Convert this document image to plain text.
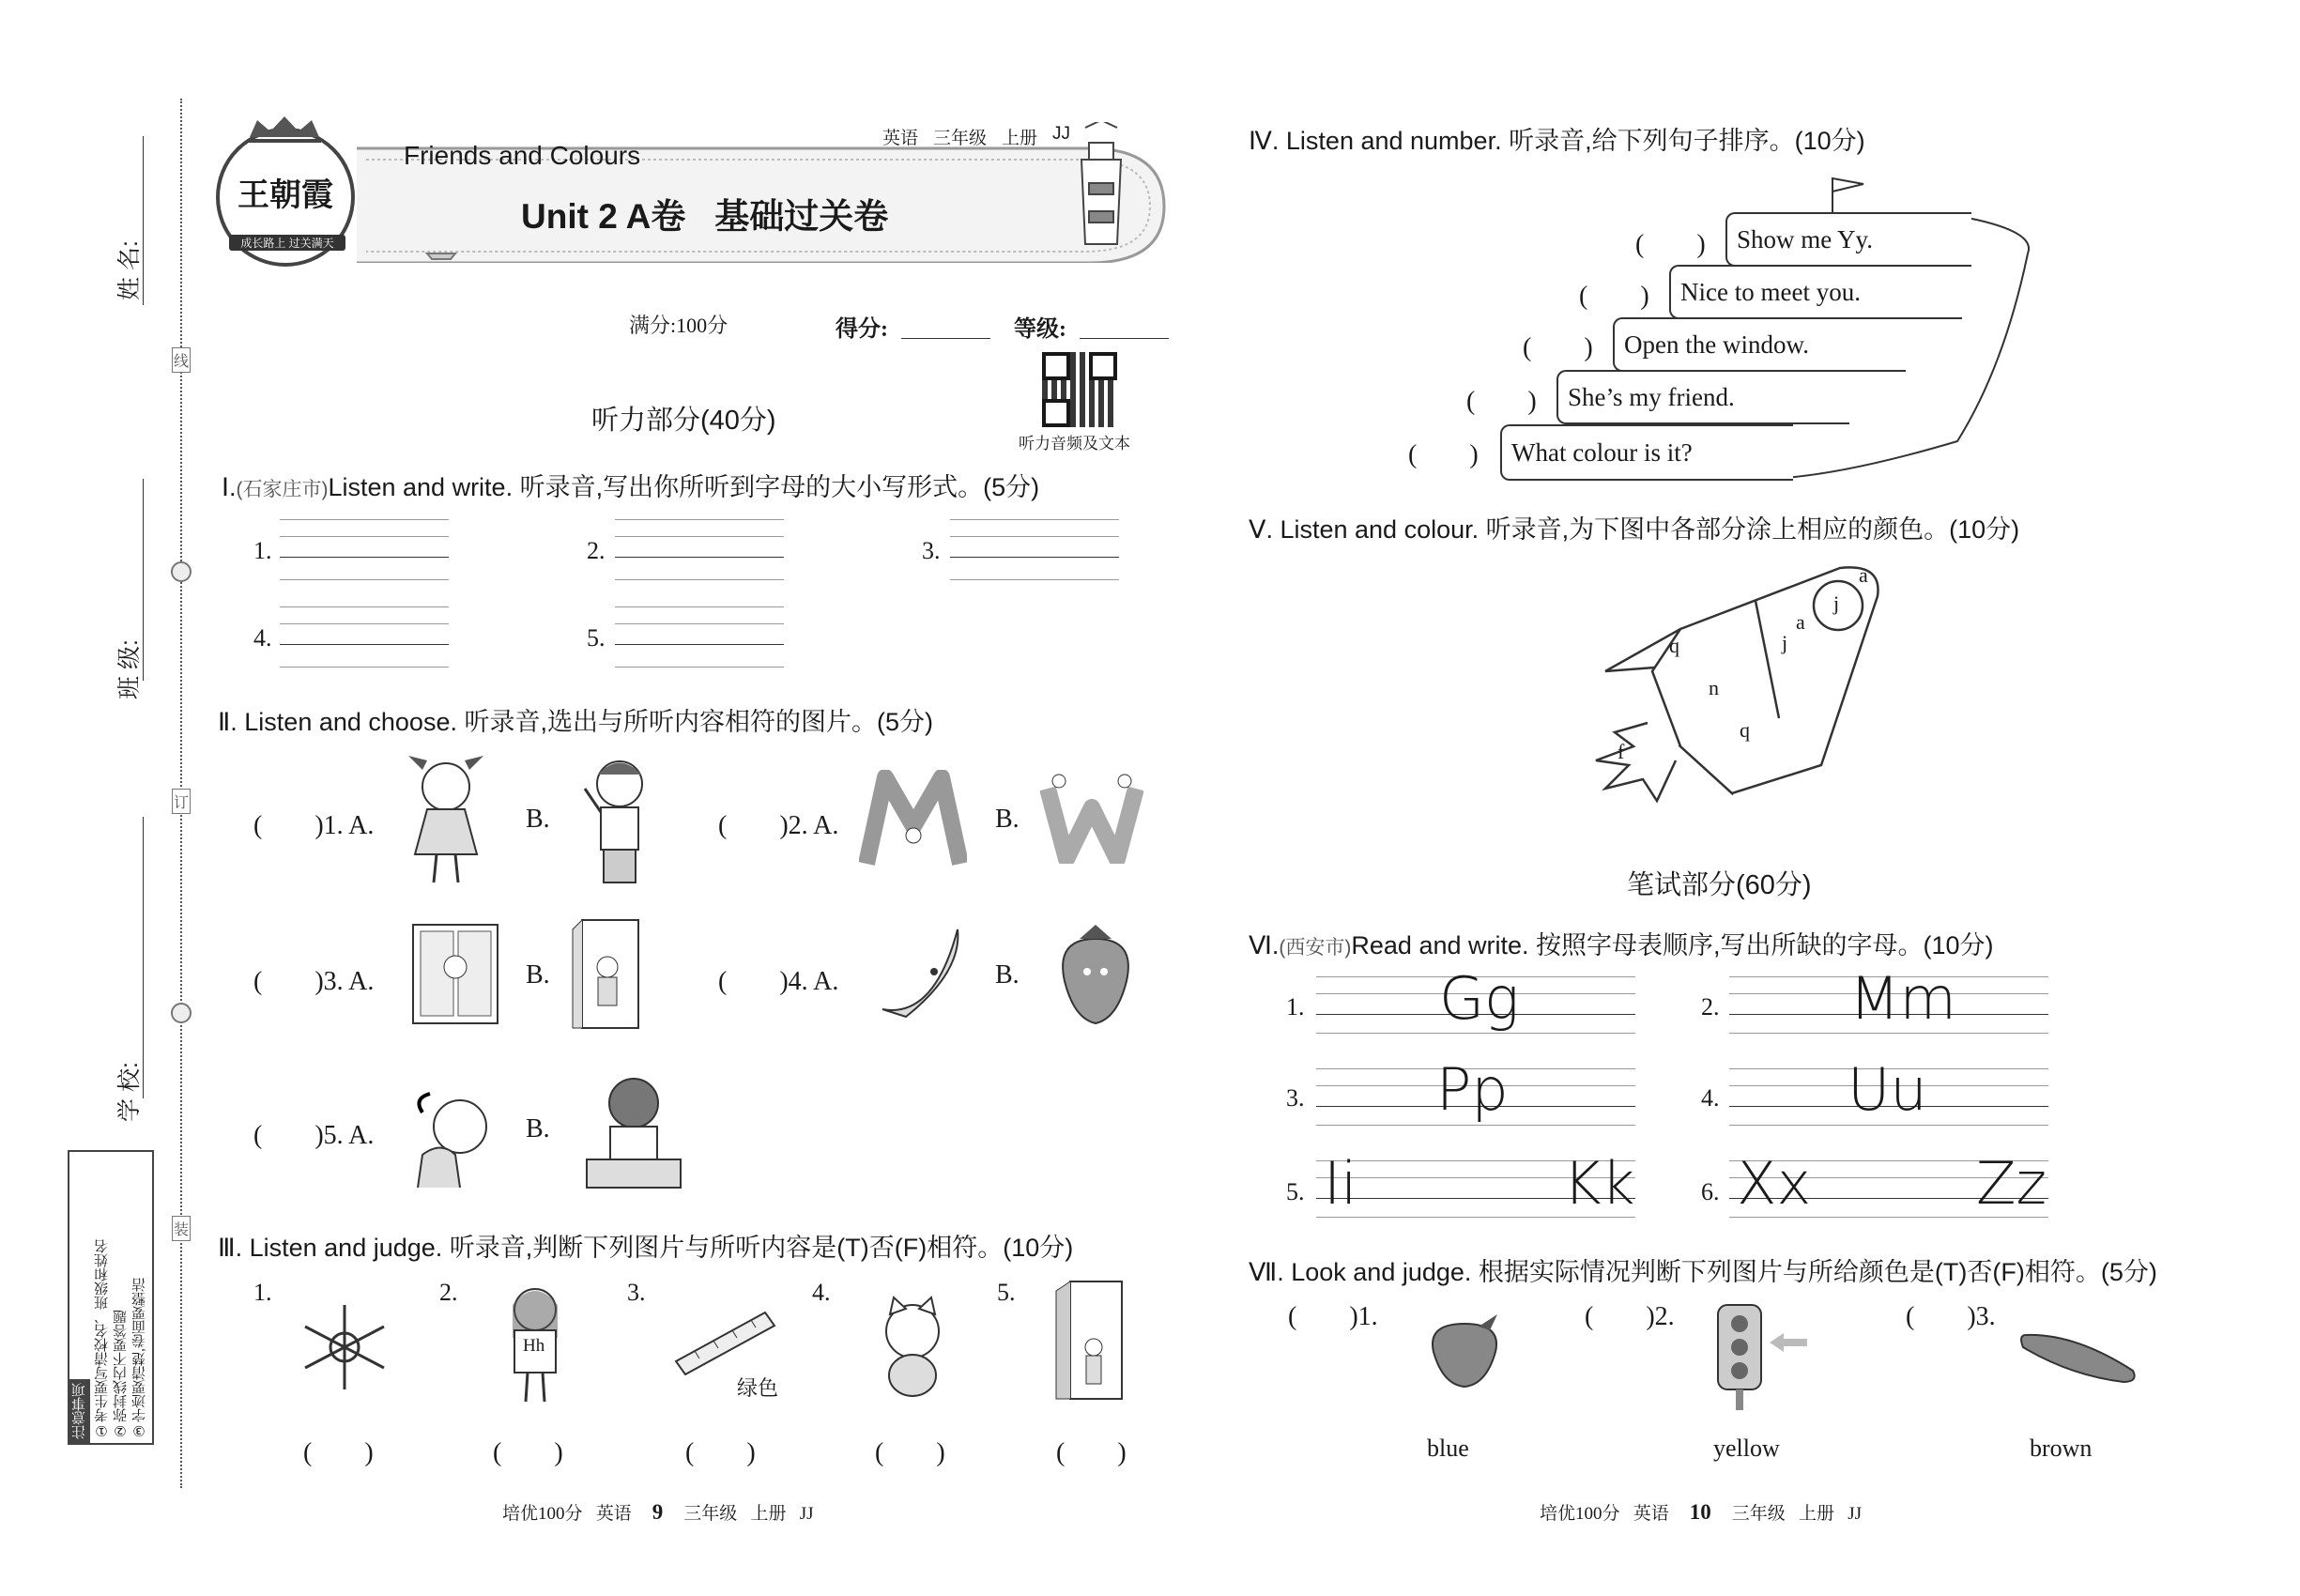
姓 名:
班 级:
学 校:
线
订
装
注意事项 ①考生要写清校名、班级和姓名 ②弥封线内不要答题 ③字迹要清楚,卷面要整洁
王朝霞
成长路上 过关满天
Friends and Colours
英语 三年级 上册 JJ
Unit 2 A卷   基础过关卷
满分:100分	得分:	等级:
听力音频及文本
听力部分(40分)
Ⅰ.(石家庄市)Listen and write. 听录音,写出你所听到字母的大小写形式。(5分)
1.	2.	3.
4.	5.
Ⅱ. Listen and choose. 听录音,选出与所听内容相符的图片。(5分)
(　　)1. A.	B.	(　　)2. A.	B.
(　　)3. A.	B.	(　　)4. A.	B.
(　　)5. A.	B.
Ⅲ. Listen and judge. 听录音,判断下列图片与所听内容是(T)否(F)相符。(10分)
1.	2.
Hh
3.
绿色
4.	5.
(　　)	(　　)	(　　)	(　　)	(　　)
培优100分   英语 9 三年级   上册   JJ
Ⅳ. Listen and number. 听录音,给下列句子排序。(10分)
(　　) Show me Yy.
(　　) Nice to meet you.
(　　) Open the window.
(　　) She’s my friend.
(　　) What colour is it?
Ⅴ. Listen and colour. 听录音,为下图中各部分涂上相应的颜色。(10分)
a
j
a
j
q
n
q
f
笔试部分(60分)
Ⅵ.(西安市)Read and write. 按照字母表顺序,写出所缺的字母。(10分)
1. Gg	2. Mm
3. Pp	4. Uu
5. Ii	Kk	6. Xx	Zz
Ⅶ. Look and judge. 根据实际情况判断下列图片与所给颜色是(T)否(F)相符。(5分)
(　　)1.
blue
(　　)2.
yellow
(　　)3.
brown
培优100分   英语 10 三年级   上册   JJ
